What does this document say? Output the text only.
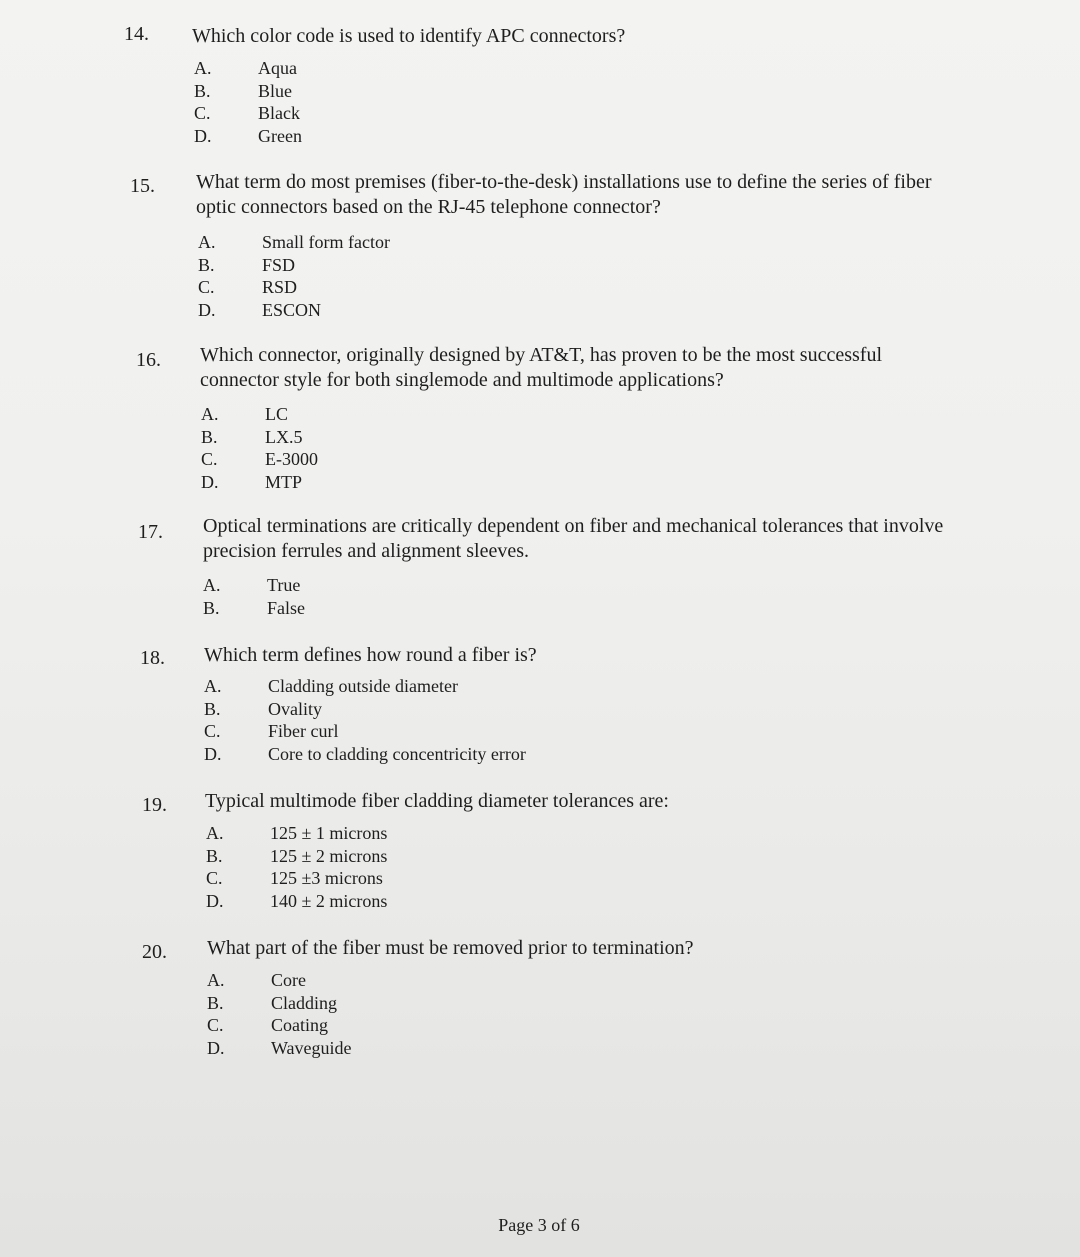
14. Which color code is used to identify APC connectors?
A.	Aqua
B.	Blue
C.	Black
D.	Green
15. What term do most premises (fiber-to-the-desk) installations use to define the series of fiber optic connectors based on the RJ-45 telephone connector?
A.	Small form factor
B.	FSD
C.	RSD
D.	ESCON
16. Which connector, originally designed by AT&T, has proven to be the most successful connector style for both singlemode and multimode applications?
A.	LC
B.	LX.5
C.	E-3000
D.	MTP
17. Optical terminations are critically dependent on fiber and mechanical tolerances that involve precision ferrules and alignment sleeves.
A.	True
B.	False
18. Which term defines how round a fiber is?
A.	Cladding outside diameter
B.	Ovality
C.	Fiber curl
D.	Core to cladding concentricity error
19. Typical multimode fiber cladding diameter tolerances are:
A.	125 ± 1 microns
B.	125 ± 2 microns
C.	125 ±3 microns
D.	140 ± 2 microns
20. What part of the fiber must be removed prior to termination?
A.	Core
B.	Cladding
C.	Coating
D.	Waveguide
Page 3 of 6
